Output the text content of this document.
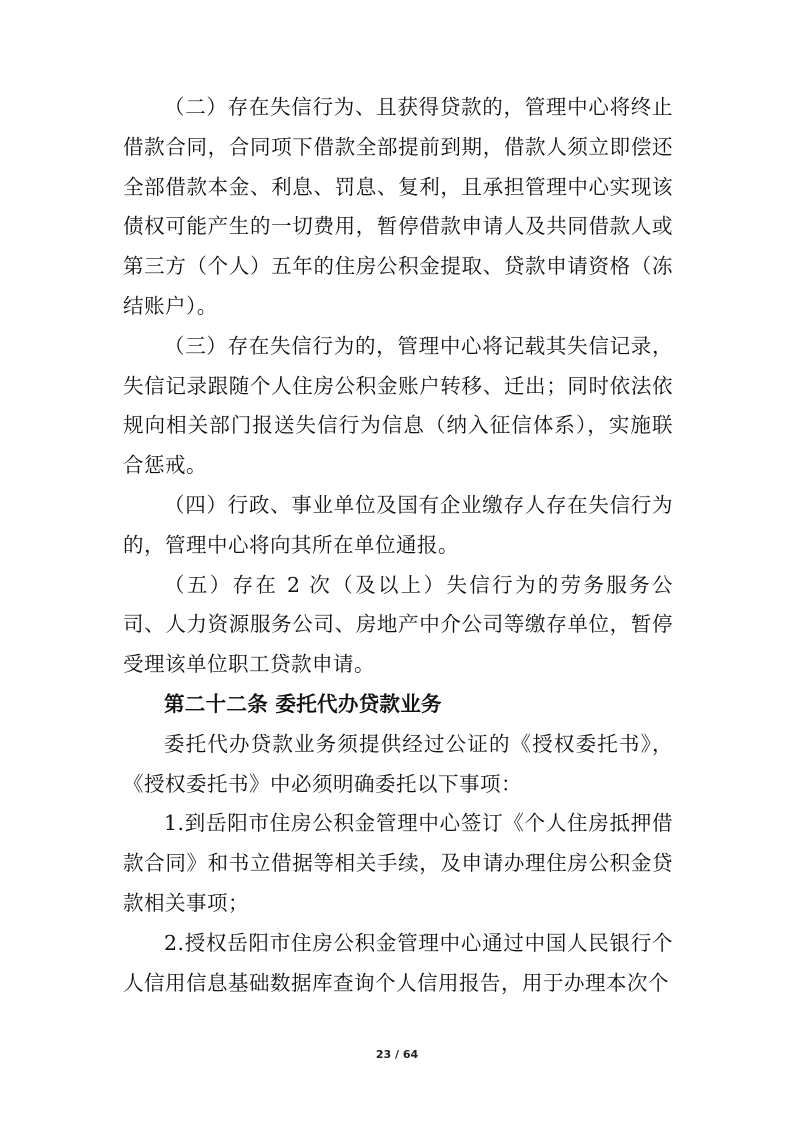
（二）存在失信行为、且获得贷款的，管理中心将终止借款合同，合同项下借款全部提前到期，借款人须立即偿还全部借款本金、利息、罚息、复利，且承担管理中心实现该债权可能产生的一切费用，暂停借款申请人及共同借款人或第三方（个人）五年的住房公积金提取、贷款申请资格（冻结账户）。

（三）存在失信行为的，管理中心将记载其失信记录，失信记录跟随个人住房公积金账户转移、迁出；同时依法依规向相关部门报送失信行为信息（纳入征信体系），实施联合惩戒。

（四）行政、事业单位及国有企业缴存人存在失信行为的，管理中心将向其所在单位通报。

（五）存在 2 次（及以上）失信行为的劳务服务公司、人力资源服务公司、房地产中介公司等缴存单位，暂停受理该单位职工贷款申请。

第二十二条 委托代办贷款业务

委托代办贷款业务须提供经过公证的《授权委托书》，《授权委托书》中必须明确委托以下事项：

1.到岳阳市住房公积金管理中心签订《个人住房抵押借款合同》和书立借据等相关手续，及申请办理住房公积金贷款相关事项；

2.授权岳阳市住房公积金管理中心通过中国人民银行个人信用信息基础数据库查询个人信用报告，用于办理本次个

23 / 64
